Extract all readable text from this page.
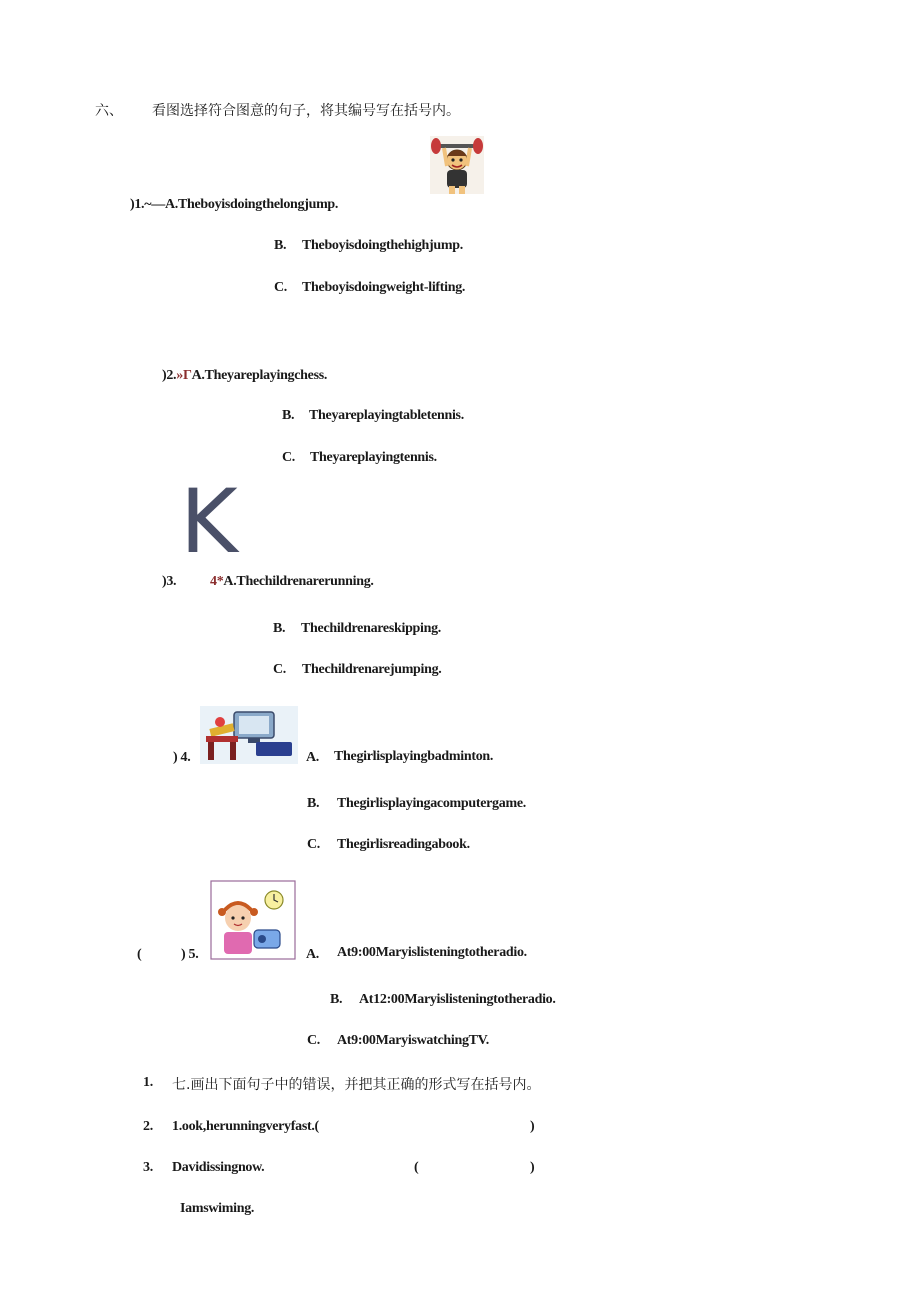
六、 看图选择符合图意的句子，将其编号写在括号内。
)1.~—A.Theboyisdoingthelongjump.
B. Theboyisdoingthehighjump.
C. Theboyisdoingweight-lifting.
)2.»ΓA.Theyareplayingchess.
B. Theyareplayingtabletennis.
C. Theyareplayingtennis.
K
)3. 4*A.Thechildrenarerunning.
B. Thechildrenareskipping.
C. Thechildrenarejumping.
) 4.	A. Thegirlisplayingbadminton.
B. Thegirlisplayingacomputergame.
C. Thegirlisreadingabook.
(	) 5.	A. At9:00Maryislisteningtotheradio.
B. At12:00Maryislisteningtotheradio.
C. At9:00MaryiswatchingTV.
1. 七.画出下面句子中的错误，并把其正确的形式写在括号内。
2. 1.ook,herunningveryfast.(	)
3. Davidissingnow.	(	)
Iamswiming.
